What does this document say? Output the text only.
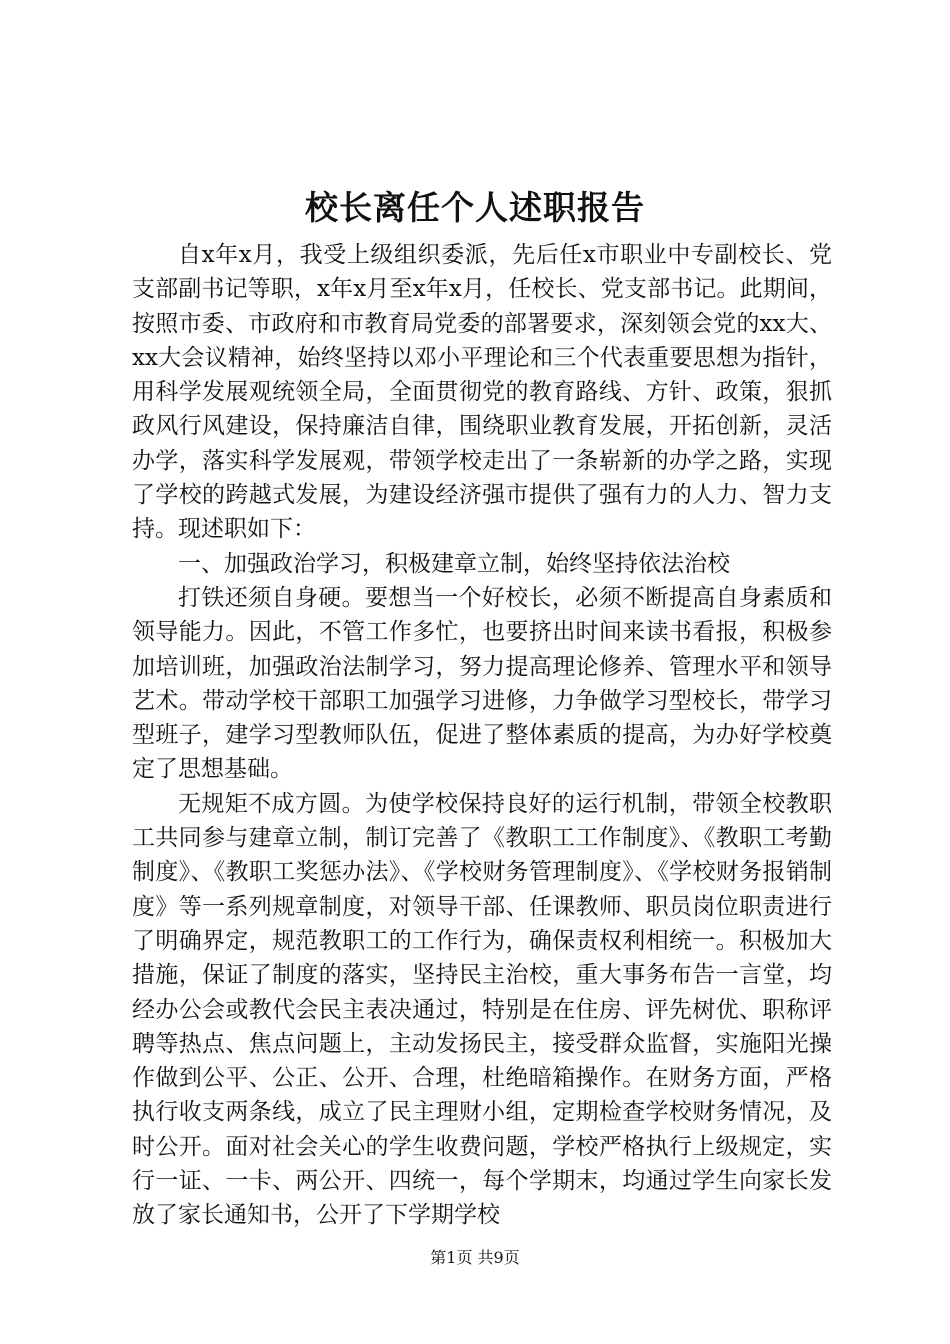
校长离任个人述职报告

自x年x月，我受上级组织委派，先后任x市职业中专副校长、党支部副书记等职，x年x月至x年x月，任校长、党支部书记。此期间，按照市委、市政府和市教育局党委的部署要求，深刻领会党的xx大、xx大会议精神，始终坚持以邓小平理论和三个代表重要思想为指针，用科学发展观统领全局，全面贯彻党的教育路线、方针、政策，狠抓政风行风建设，保持廉洁自律，围绕职业教育发展，开拓创新，灵活办学，落实科学发展观，带领学校走出了一条崭新的办学之路，实现了学校的跨越式发展，为建设经济强市提供了强有力的人力、智力支持。现述职如下：

一、加强政治学习，积极建章立制，始终坚持依法治校

打铁还须自身硬。要想当一个好校长，必须不断提高自身素质和领导能力。因此，不管工作多忙，也要挤出时间来读书看报，积极参加培训班，加强政治法制学习，努力提高理论修养、管理水平和领导艺术。带动学校干部职工加强学习进修，力争做学习型校长，带学习型班子，建学习型教师队伍，促进了整体素质的提高，为办好学校奠定了思想基础。

无规矩不成方圆。为使学校保持良好的运行机制，带领全校教职工共同参与建章立制，制订完善了《教职工工作制度》、《教职工考勤制度》、《教职工奖惩办法》、《学校财务管理制度》、《学校财务报销制度》等一系列规章制度，对领导干部、任课教师、职员岗位职责进行了明确界定，规范教职工的工作行为，确保责权利相统一。积极加大措施，保证了制度的落实，坚持民主治校，重大事务布告一言堂，均经办公会或教代会民主表决通过，特别是在住房、评先树优、职称评聘等热点、焦点问题上，主动发扬民主，接受群众监督，实施阳光操作做到公平、公正、公开、合理，杜绝暗箱操作。在财务方面，严格执行收支两条线，成立了民主理财小组，定期检查学校财务情况，及时公开。面对社会关心的学生收费问题，学校严格执行上级规定，实行一证、一卡、两公开、四统一，每个学期末，均通过学生向家长发放了家长通知书，公开了下学期学校

第1页 共9页
